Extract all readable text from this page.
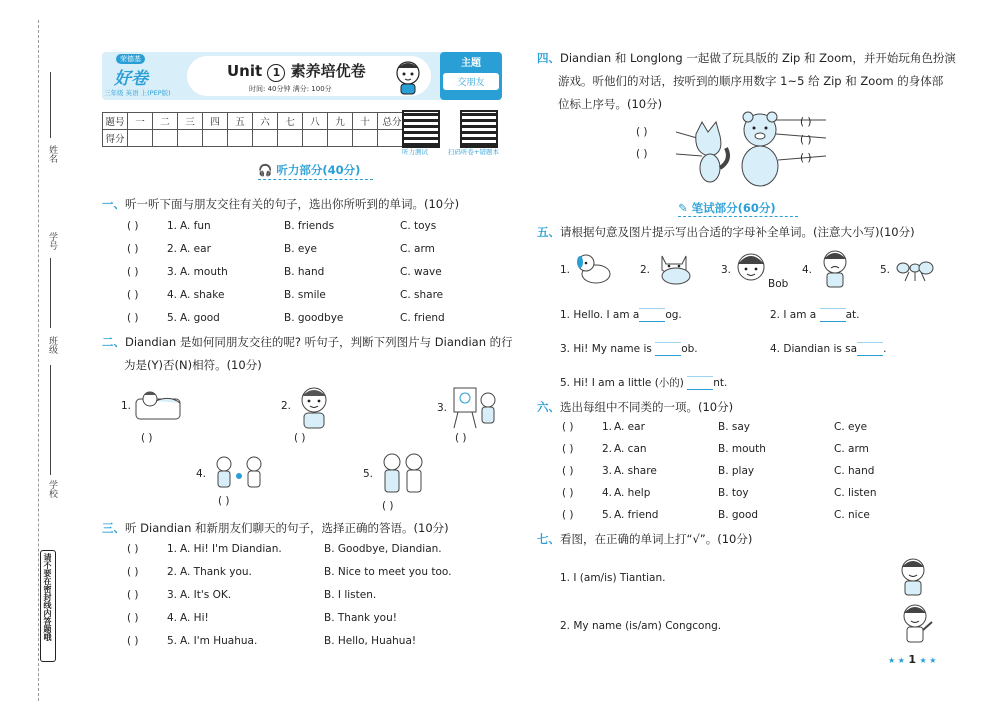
姓名
学号
班级
学校
请不要在密封线内答题哦
荣德基
好卷
三年级 英语 上(PEP版)
Unit 1 素养培优卷
时间: 40分钟 满分: 100分
主题
交朋友
题号	一	二	三	四	五	六	七	八	九	十	总分
得分											
听力测试	扫码听卷+错题本
🎧 听力部分(40分)
一、听一听下面与朋友交往有关的句子，选出你所听到的单词。(10分)
( )	1. A. fun	B. friends	C. toys
( )	2. A. ear	B. eye	C. arm
( )	3. A. mouth	B. hand	C. wave
( )	4. A. shake	B. smile	C. share
( )	5. A. good	B. goodbye	C. friend
二、Diandian 是如何同朋友交往的呢? 听句子，判断下列图片与 Diandian 的行
为是(Y)否(N)相符。(10分)
1.
( )
2.
( )
3.
( )
4.
( )
5.
( )
三、听 Diandian 和新朋友们聊天的句子，选择正确的答语。(10分)
( )	1. A. Hi! I'm Diandian.	B. Goodbye, Diandian.
( )	2. A. Thank you.	B. Nice to meet you too.
( )	3. A. It's OK.	B. I listen.
( )	4. A. Hi!	B. Thank you!
( )	5. A. I'm Huahua.	B. Hello, Huahua!
四、Diandian 和 Longlong 一起做了玩具版的 Zip 和 Zoom，并开始玩角色扮演
游戏。听他们的对话，按听到的顺序用数字 1~5 给 Zip 和 Zoom 的身体部
位标上序号。(10分)
( )
( )
( )
( )
( )
✎ 笔试部分(60分)
五、请根据句意及图片提示写出合适的字母补全单词。(注意大小写)(10分)
1.	2.	3.
Bob
4.	5.
1. Hello. I am a og.	2. I am a	at.
3. Hi! My name is	ob.	4. Diandian is sa .
5. Hi! I am a little (小的)	nt.
六、选出每组中不同类的一项。(10分)
( )	1. A. ear	B. say	C. eye
( )	2. A. can	B. mouth	C. arm
( )	3. A. share	B. play	C. hand
( )	4. A. help	B. toy	C. listen
( )	5. A. friend	B. good	C. nice
七、看图，在正确的单词上打“√”。(10分)
1. I (am/is) Tiantian.
2. My name (is/am) Congcong.
★ ★ 1 ★ ★
